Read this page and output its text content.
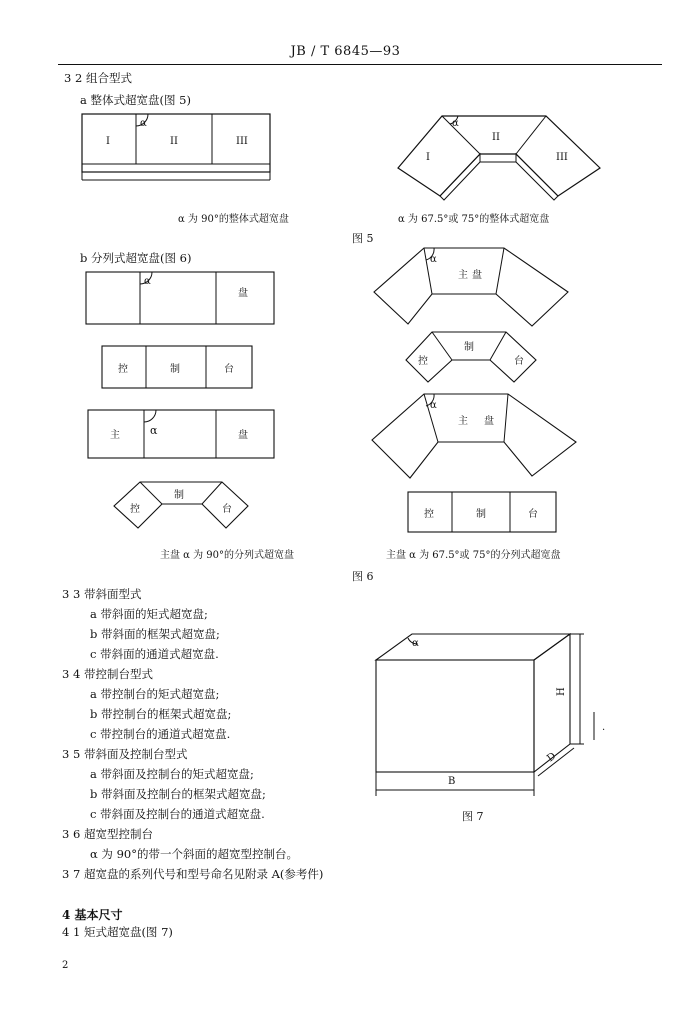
JB / T 6845—93
3 2 组合型式
a 整体式超宽盘(图 5)
α
I	II	III
α
I
II
III
α 为 90°的整体式超宽盘	α 为 67.5°或 75°的整体式超宽盘
图 5
b 分列式超宽盘(图 6)
α
盘
控	制	台
α
主	盘
控
制
台
α
主 盘
控
制
台
α
主 盘
控	制	台
主盘 α 为 90°的分列式超宽盘	主盘 α 为 67.5°或 75°的分列式超宽盘
图 6
3 3 带斜面型式
a 带斜面的矩式超宽盘;
b 带斜面的框架式超宽盘;
c 带斜面的通道式超宽盘.
3 4 带控制台型式
a 带控制台的矩式超宽盘;
b 带控制台的框架式超宽盘;
c 带控制台的通道式超宽盘.
3 5 带斜面及控制台型式
a 带斜面及控制台的矩式超宽盘;
b 带斜面及控制台的框架式超宽盘;
c 带斜面及控制台的通道式超宽盘.
3 6 超宽型控制台
α 为 90°的带一个斜面的超宽型控制台。
3 7 超宽盘的系列代号和型号命名见附录 A(参考件)
α
H
B
D
.
图 7
4 基本尺寸
4 1 矩式超宽盘(图 7)
2
